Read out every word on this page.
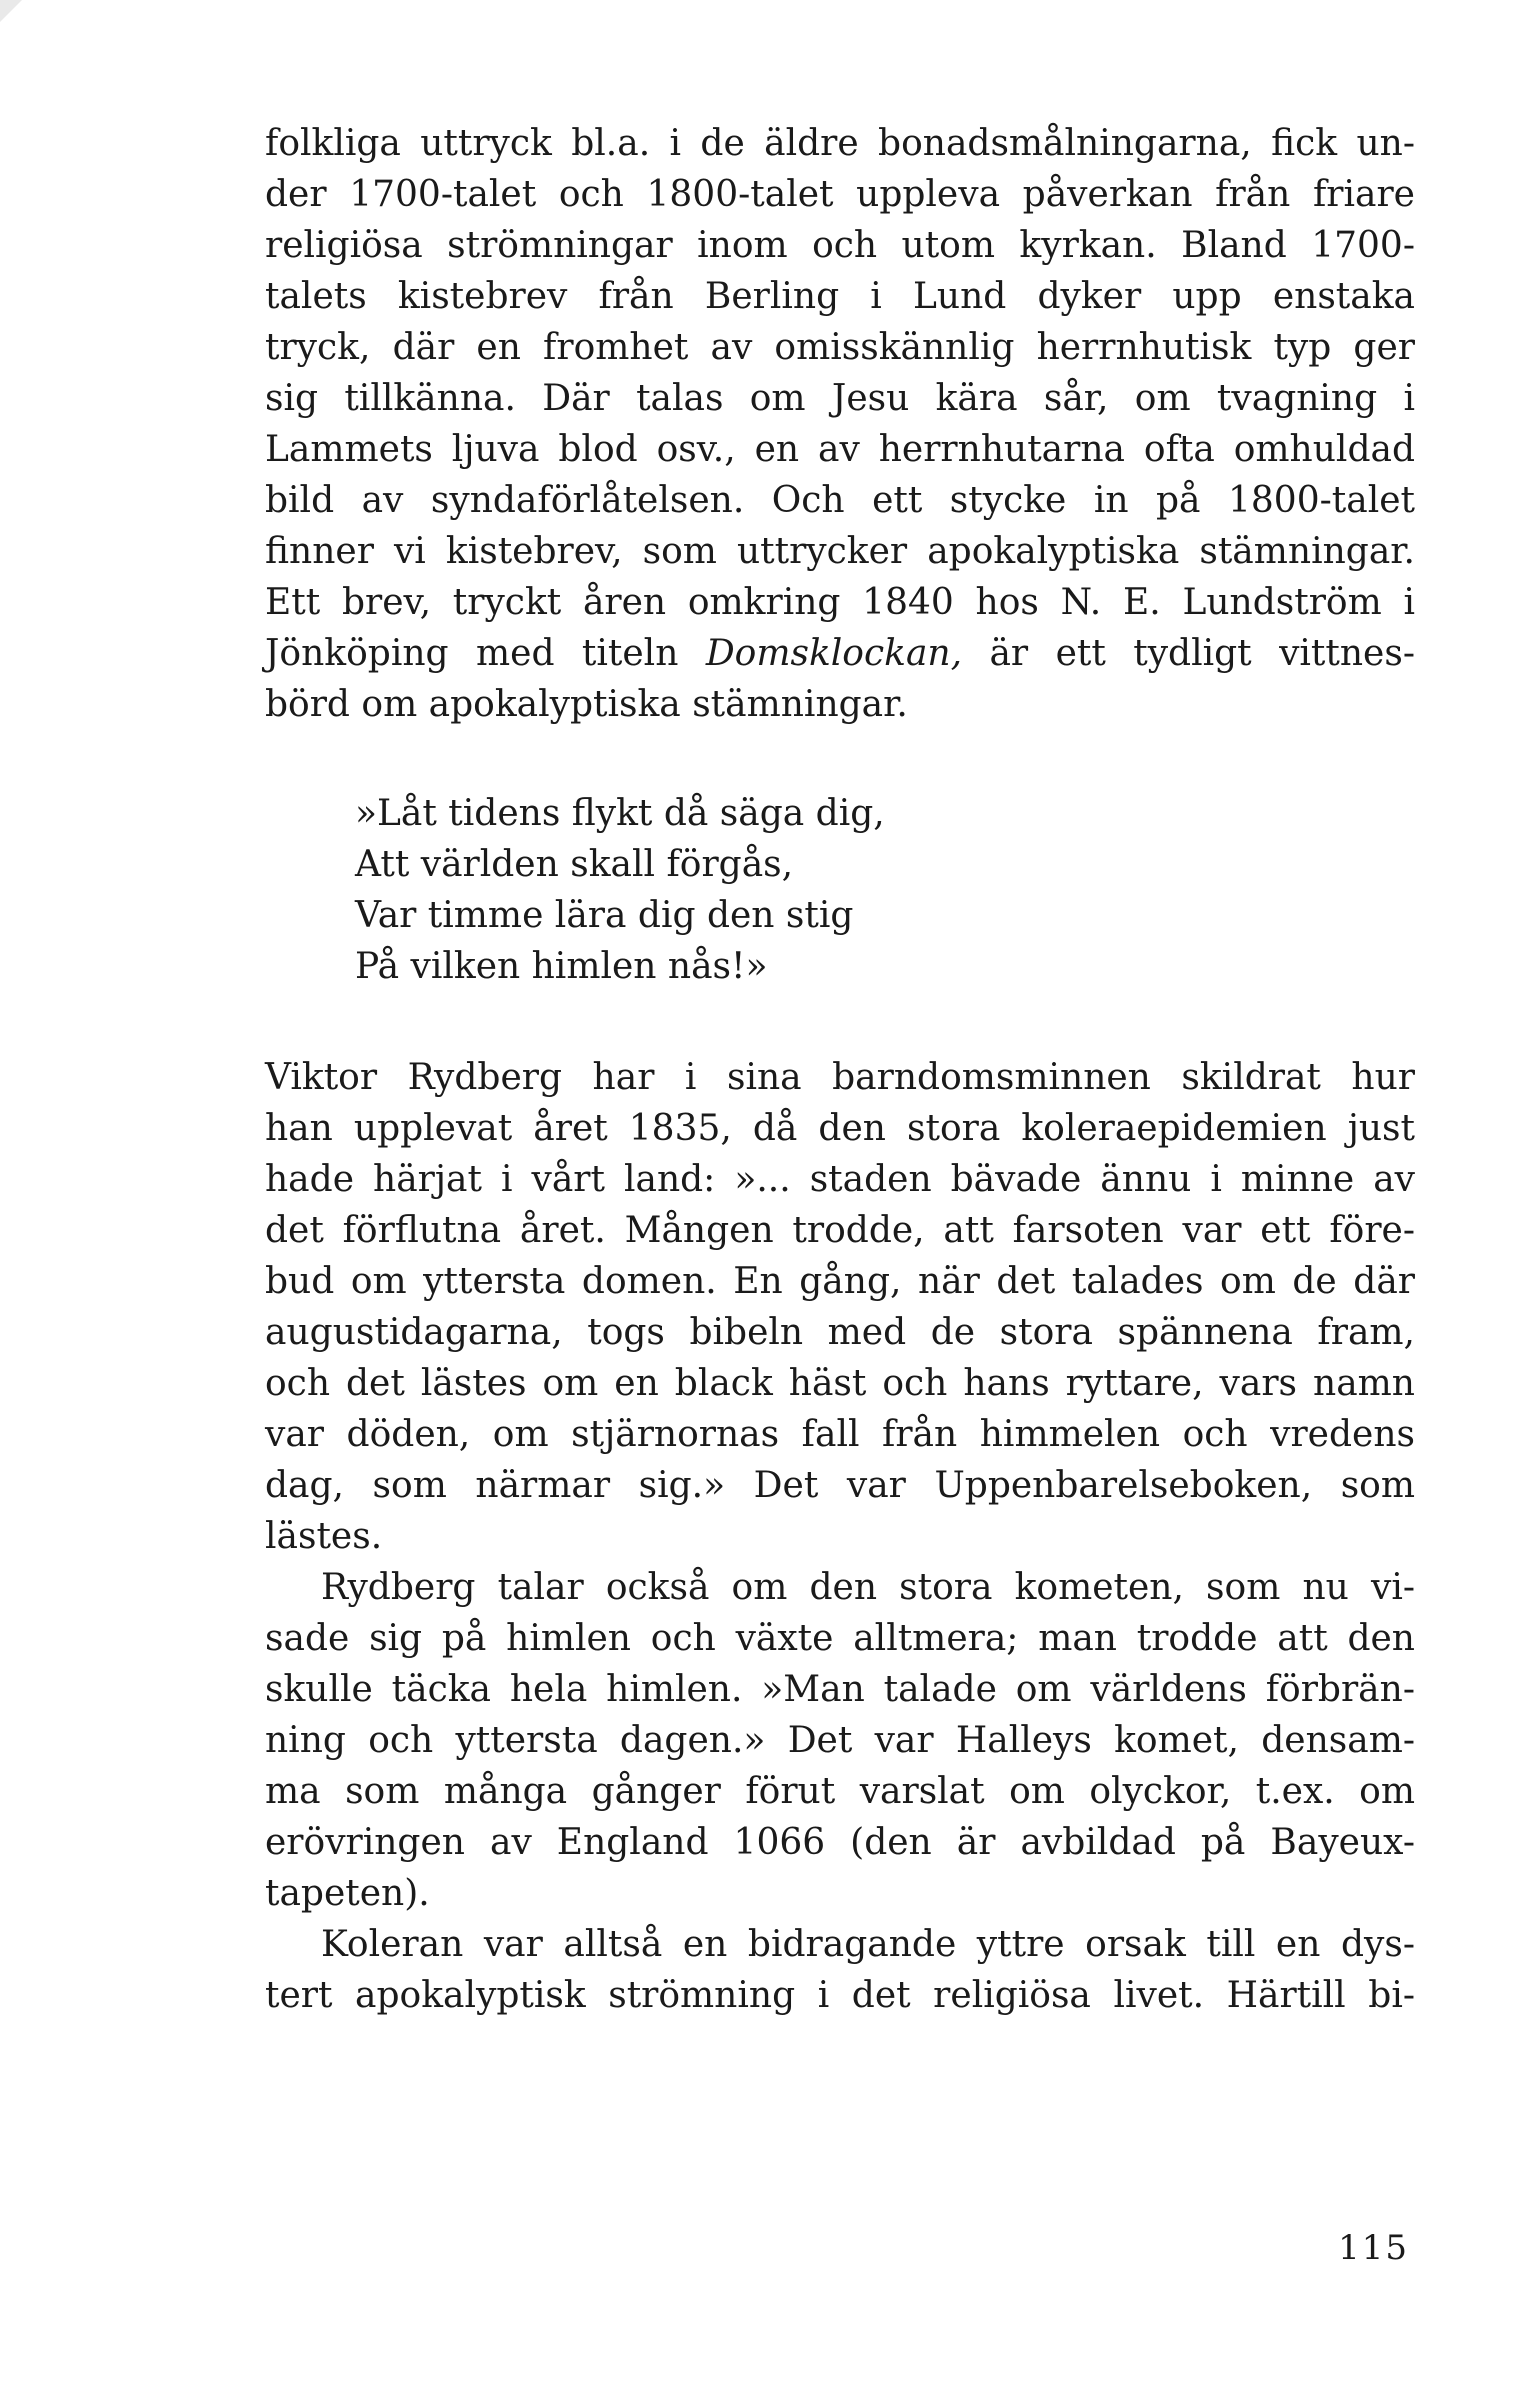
folkliga uttryck bl.a. i de äldre bonadsmålningarna, fick un-
der 1700-talet och 1800-talet uppleva påverkan från friare
religiösa strömningar inom och utom kyrkan. Bland 1700-
talets kistebrev från Berling i Lund dyker upp enstaka
tryck, där en fromhet av omisskännlig herrnhutisk typ ger
sig tillkänna. Där talas om Jesu kära sår, om tvagning i
Lammets ljuva blod osv., en av herrnhutarna ofta omhuldad
bild av syndaförlåtelsen. Och ett stycke in på 1800-talet
finner vi kistebrev, som uttrycker apokalyptiska stämningar.
Ett brev, tryckt åren omkring 1840 hos N. E. Lundström i
Jönköping med titeln Domsklockan, är ett tydligt vittnes-
börd om apokalyptiska stämningar.
»Låt tidens flykt då säga dig,
Att världen skall förgås,
Var timme lära dig den stig
På vilken himlen nås!»
Viktor Rydberg har i sina barndomsminnen skildrat hur
han upplevat året 1835, då den stora koleraepidemien just
hade härjat i vårt land: »... staden bävade ännu i minne av
det förflutna året. Mången trodde, att farsoten var ett före-
bud om yttersta domen. En gång, när det talades om de där
augustidagarna, togs bibeln med de stora spännena fram,
och det lästes om en black häst och hans ryttare, vars namn
var döden, om stjärnornas fall från himmelen och vredens
dag, som närmar sig.» Det var Uppenbarelseboken, som
lästes.
Rydberg talar också om den stora kometen, som nu vi-
sade sig på himlen och växte alltmera; man trodde att den
skulle täcka hela himlen. »Man talade om världens förbrän-
ning och yttersta dagen.» Det var Halleys komet, densam-
ma som många gånger förut varslat om olyckor, t.ex. om
erövringen av England 1066 (den är avbildad på Bayeux-
tapeten).
Koleran var alltså en bidragande yttre orsak till en dys-
tert apokalyptisk strömning i det religiösa livet. Härtill bi-
115
